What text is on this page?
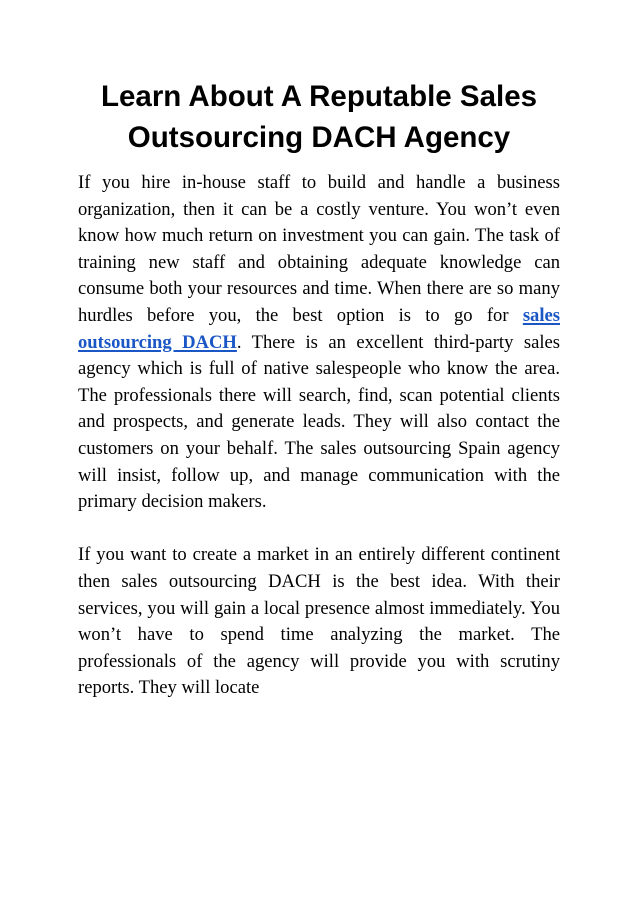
Learn About A Reputable Sales
Outsourcing DACH Agency

If you hire in-house staff to build and handle a business organization, then it can be a costly venture. You won’t even know how much return on investment you can gain. The task of training new staff and obtaining adequate knowledge can consume both your resources and time. When there are so many hurdles before you, the best option is to go for sales outsourcing DACH. There is an excellent third-party sales agency which is full of native salespeople who know the area. The professionals there will search, find, scan potential clients and prospects, and generate leads. They will also contact the customers on your behalf. The sales outsourcing Spain agency will insist, follow up, and manage communication with the primary decision makers.

If you want to create a market in an entirely different continent then sales outsourcing DACH is the best idea. With their services, you will gain a local presence almost immediately. You won’t have to spend time analyzing the market. The professionals of the agency will provide you with scrutiny reports. They will locate
